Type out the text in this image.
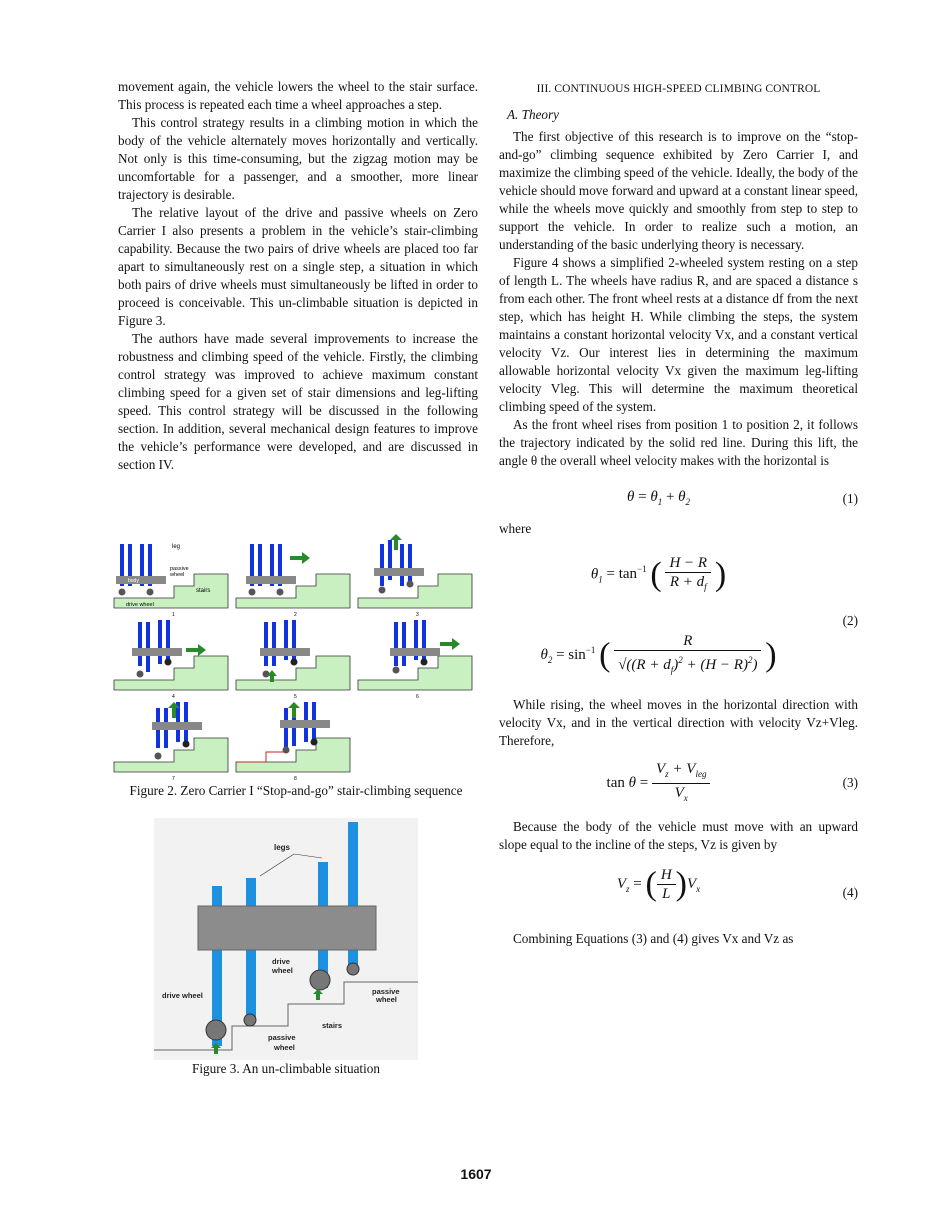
movement again, the vehicle lowers the wheel to the stair surface. This process is repeated each time a wheel approaches a step.

This control strategy results in a climbing motion in which the body of the vehicle alternately moves horizontally and vertically. Not only is this time-consuming, but the zigzag motion may be uncomfortable for a passenger, and a smoother, more linear trajectory is desirable.

The relative layout of the drive and passive wheels on Zero Carrier I also presents a problem in the vehicle’s stair-climbing capability. Because the two pairs of drive wheels are placed too far apart to simultaneously rest on a single step, a situation in which both pairs of drive wheels must simultaneously be lifted in order to proceed is conceivable. This un-climbable situation is depicted in Figure 3.

The authors have made several improvements to increase the robustness and climbing speed of the vehicle. Firstly, the climbing control strategy was improved to achieve maximum constant climbing speed for a given set of stair dimensions and leg-lifting speed. This control strategy will be discussed in the following section. In addition, several mechanical design features to improve the vehicle’s performance were developed, and are discussed in section IV.

leg
passive
wheel
body
stairs
drive wheel
1	2	3
4	5	6
7	8
Figure 2. Zero Carrier I “Stop-and-go” stair-climbing sequence
legs
drive
wheel
passive
wheel
drive wheel
stairs
passive
wheel
Figure 3. An un-climbable situation
III. CONTINUOUS HIGH-SPEED CLIMBING CONTROL
A. Theory

The first objective of this research is to improve on the “stop-and-go” climbing sequence exhibited by Zero Carrier I, and maximize the climbing speed of the vehicle. Ideally, the body of the vehicle should move forward and upward at a constant linear speed, while the wheels move quickly and smoothly from step to step to support the vehicle. In order to realize such a motion, an understanding of the basic underlying theory is necessary.

Figure 4 shows a simplified 2-wheeled system resting on a step of length L. The wheels have radius R, and are spaced a distance s from each other. The front wheel rests at a distance df from the next step, which has height H. While climbing the steps, the system maintains a constant horizontal velocity Vx, and a constant vertical velocity Vz. Our interest lies in determining the maximum allowable horizontal velocity Vx given the maximum leg-lifting velocity Vleg. This will determine the maximum theoretical climbing speed of the system.

As the front wheel rises from position 1 to position 2, it follows the trajectory indicated by the solid red line. During this lift, the angle θ the overall wheel velocity makes with the horizontal is

$\theta = \theta_1 + \theta_2$	(1)

where

$\theta_1 = \tan^{-1}$ ( $\frac{H - R}{R + d_f}$ )
(2)
$\theta_2 = \sin^{-1}$ ( $\frac{R}{√((R + d_f)^2 + (H - R)^2)}$ )

While rising, the wheel moves in the horizontal direction with velocity Vx, and in the vertical direction with velocity Vz+Vleg. Therefore,

$\tan \theta = \frac{V_z + V_{leg}}{V_x}$	(3)

Because the body of the vehicle must move with an upward slope equal to the incline of the steps, Vz is given by

$V_z$ = ( $\frac{H}{L} )V_x$	(4)

Combining Equations (3) and (4) gives Vx and Vz as

1607
